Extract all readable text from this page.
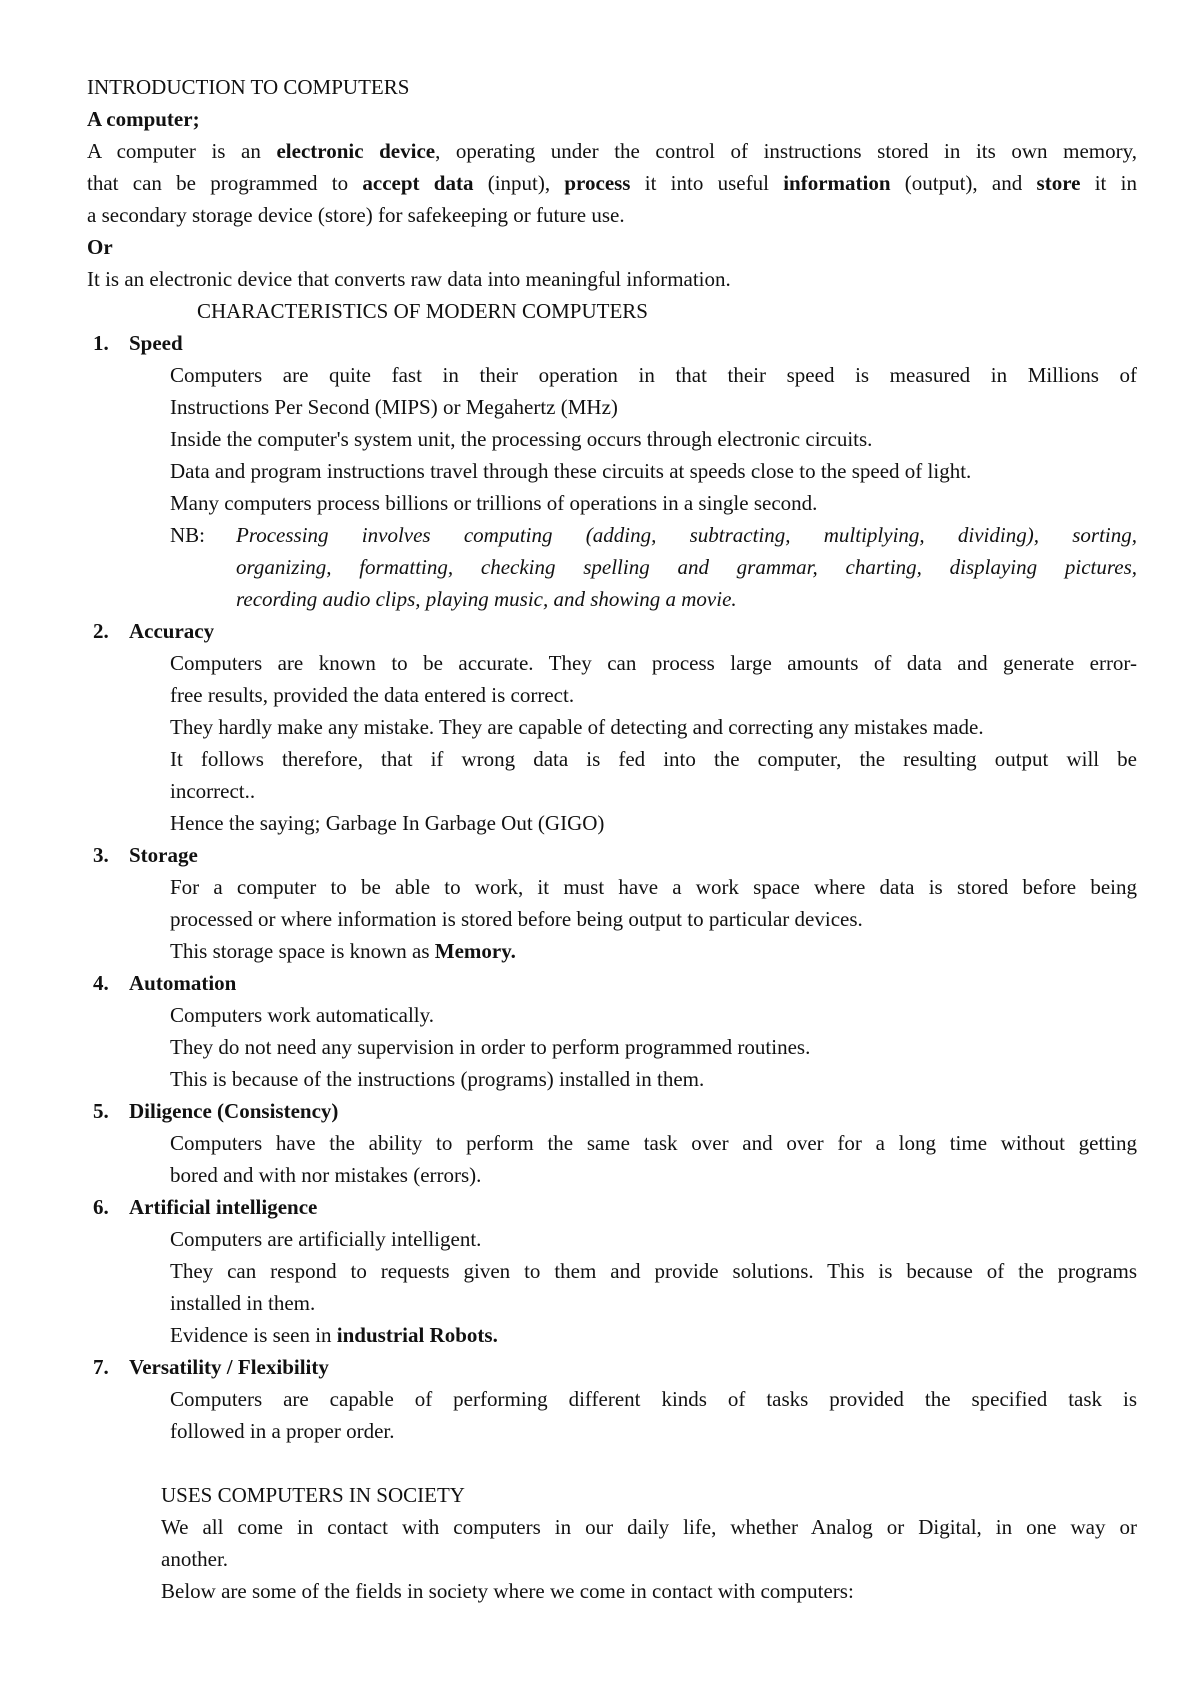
INTRODUCTION TO COMPUTERS
A computer;
A computer is an electronic device, operating under the control of instructions stored in its own memory,
that can be programmed to accept data (input), process it into useful information (output), and store it in
a secondary storage device (store) for safekeeping or future use.
Or
It is an electronic device that converts raw data into meaningful information.
CHARACTERISTICS OF MODERN COMPUTERS
1. Speed
Computers are quite fast in their operation in that their speed is measured in Millions of
Instructions Per Second (MIPS) or Megahertz (MHz)
Inside the computer's system unit, the processing occurs through electronic circuits.
Data and program instructions travel through these circuits at speeds close to the speed of light.
Many computers process billions or trillions of operations in a single second.
NB:	Processing involves computing (adding, subtracting, multiplying, dividing), sorting,
organizing, formatting, checking spelling and grammar, charting, displaying pictures,
recording audio clips, playing music, and showing a movie.
2. Accuracy
Computers are known to be accurate. They can process large amounts of data and generate error-
free results, provided the data entered is correct.
They hardly make any mistake. They are capable of detecting and correcting any mistakes made.
It follows therefore, that if wrong data is fed into the computer, the resulting output will be
incorrect..
Hence the saying; Garbage In Garbage Out (GIGO)
3. Storage
For a computer to be able to work, it must have a work space where data is stored before being
processed or where information is stored before being output to particular devices.
This storage space is known as Memory.
4. Automation
Computers work automatically.
They do not need any supervision in order to perform programmed routines.
This is because of the instructions (programs) installed in them.
5. Diligence (Consistency)
Computers have the ability to perform the same task over and over for a long time without getting
bored and with nor mistakes (errors).
6. Artificial intelligence
Computers are artificially intelligent.
They can respond to requests given to them and provide solutions. This is because of the programs
installed in them.
Evidence is seen in industrial Robots.
7. Versatility / Flexibility
Computers are capable of performing different kinds of tasks provided the specified task is
followed in a proper order.
USES COMPUTERS IN SOCIETY
We all come in contact with computers in our daily life, whether Analog or Digital, in one way or
another.
Below are some of the fields in society where we come in contact with computers:
